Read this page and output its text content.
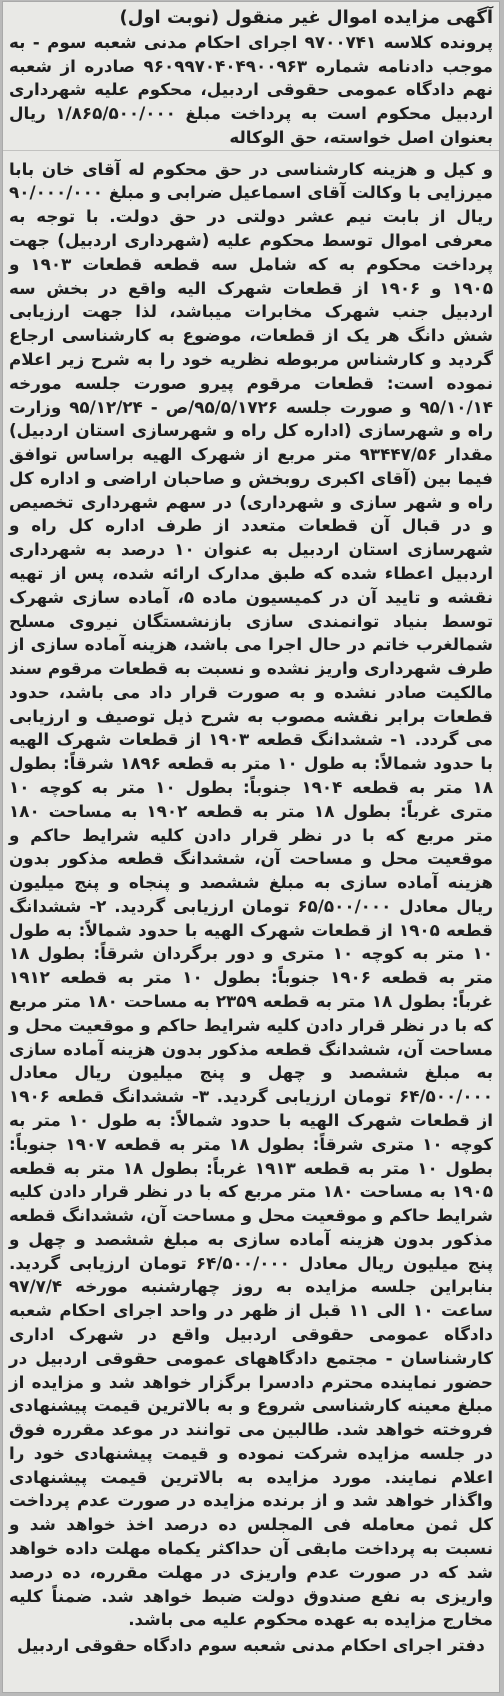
آگهی مزایده اموال غیر منقول (نوبت اول)
پرونده کلاسه ۹۷۰۰۷۴۱ اجرای احکام مدنی شعبه سوم - به موجب دادنامه شماره ۹۶۰۹۹۷۰۴۰۴۹۰۰۹۶۳ صادره از شعبه نهم دادگاه عمومی حقوقی اردبیل، محکوم علیه شهرداری اردبیل محکوم است به پرداخت مبلغ ۱/۸۶۵/۵۰۰/۰۰۰ ریال بعنوان اصل خواسته، حق الوکاله
و کیل و هزینه کارشناسی در حق محکوم له آقای خان بابا میرزایی با وکالت آقای اسماعیل ضرابی و مبلغ ۹۰/۰۰۰/۰۰۰ ریال از بابت نیم عشر دولتی در حق دولت. با توجه به معرفی اموال توسط محکوم علیه (شهرداری اردبیل) جهت پرداخت محکوم به که شامل سه قطعه قطعات ۱۹۰۳ و ۱۹۰۵ و ۱۹۰۶ از قطعات شهرک الیه واقع در بخش سه اردبیل جنب شهرک مخابرات میباشد، لذا جهت ارزیابی شش دانگ هر یک از قطعات، موضوع به کارشناسی ارجاع گردید و کارشناس مربوطه نظریه خود را به شرح زیر اعلام نموده است: قطعات مرقوم پیرو صورت جلسه مورخه ۹۵/۱۰/۱۴ و صورت جلسه ۹۵/۵/۱۷۲۶/ص - ۹۵/۱۲/۲۴ وزارت راه و شهرسازی (اداره کل راه و شهرسازی استان اردبیل) مقدار ۹۳۴۴۷/۵۶ متر مربع از شهرک الهیه براساس توافق فیما بین (آقای اکبری روبخش و صاحبان اراضی و اداره کل راه و شهر سازی و شهرداری) در سهم شهرداری تخصیص و در قبال آن قطعات متعدد از طرف اداره کل راه و شهرسازی استان اردبیل به عنوان ۱۰ درصد به شهرداری اردبیل اعطاء شده که طبق مدارک ارائه شده، پس از تهیه نقشه و تایید آن در کمیسیون ماده ۵، آماده سازی شهرک توسط بنیاد توانمندی سازی بازنشستگان نیروی مسلح شمالغرب خاتم در حال اجرا می باشد، هزینه آماده سازی از طرف شهرداری واریز نشده و نسبت به قطعات مرقوم سند مالکیت صادر نشده و به صورت قرار داد می باشد، حدود قطعات برابر نقشه مصوب به شرح ذیل توصیف و ارزیابی می گردد. ۱- ششدانگ قطعه ۱۹۰۳ از قطعات شهرک الهیه با حدود شمالاً: به طول ۱۰ متر به قطعه ۱۸۹۶ شرقاً: بطول ۱۸ متر به قطعه ۱۹۰۴ جنوباً: بطول ۱۰ متر به کوچه ۱۰ متری غرباً: بطول ۱۸ متر به قطعه ۱۹۰۲ به مساحت ۱۸۰ متر مربع که با در نظر قرار دادن کلیه شرایط حاکم و موقعیت محل و مساحت آن، ششدانگ قطعه مذکور بدون هزینه آماده سازی به مبلغ ششصد و پنجاه و پنج میلیون ریال معادل ۶۵/۵۰۰/۰۰۰ تومان ارزیابی گردید. ۲- ششدانگ قطعه ۱۹۰۵ از قطعات شهرک الهیه با حدود شمالاً: به طول ۱۰ متر به کوچه ۱۰ متری و دور برگردان شرقاً: بطول ۱۸ متر به قطعه ۱۹۰۶ جنوباً: بطول ۱۰ متر به قطعه ۱۹۱۲ غرباً: بطول ۱۸ متر به قطعه ۲۳۵۹ به مساحت ۱۸۰ متر مربع که با در نظر قرار دادن کلیه شرایط حاکم و موقعیت محل و مساحت آن، ششدانگ قطعه مذکور بدون هزینه آماده سازی به مبلغ ششصد و چهل و پنج میلیون ریال معادل ۶۴/۵۰۰/۰۰۰ تومان ارزیابی گردید. ۳- ششدانگ قطعه ۱۹۰۶ از قطعات شهرک الهیه با حدود شمالاً: به طول ۱۰ متر به کوچه ۱۰ متری شرقاً: بطول ۱۸ متر به قطعه ۱۹۰۷ جنوباً: بطول ۱۰ متر به قطعه ۱۹۱۳ غرباً: بطول ۱۸ متر به قطعه ۱۹۰۵ به مساحت ۱۸۰ متر مربع که با در نظر قرار دادن کلیه شرایط حاکم و موقعیت محل و مساحت آن، ششدانگ قطعه مذکور بدون هزینه آماده سازی به مبلغ ششصد و چهل و پنج میلیون ریال معادل ۶۴/۵۰۰/۰۰۰ تومان ارزیابی گردید. بنابراین جلسه مزایده به روز چهارشنبه مورخه ۹۷/۷/۴ ساعت ۱۰ الی ۱۱ قبل از ظهر در واحد اجرای احکام شعبه دادگاه عمومی حقوقی اردبیل واقع در شهرک اداری کارشناسان - مجتمع دادگاههای عمومی حقوقی اردبیل در حضور نماینده محترم دادسرا برگزار خواهد شد و مزایده از مبلغ معینه کارشناسی شروع و به بالاترین قیمت پیشنهادی فروخته خواهد شد. طالبین می توانند در موعد مقرره فوق در جلسه مزایده شرکت نموده و قیمت پیشنهادی خود را اعلام نمایند. مورد مزایده به بالاترین قیمت پیشنهادی واگذار خواهد شد و از برنده مزایده در صورت عدم پرداخت کل ثمن معامله فی المجلس ده درصد اخذ خواهد شد و نسبت به پرداخت مابقی آن حداکثر یکماه مهلت داده خواهد شد که در صورت عدم واریزی در مهلت مقرره، ده درصد واریزی به نفع صندوق دولت ضبط خواهد شد. ضمناً کلیه مخارج مزایده به عهده محکوم علیه می باشد.
دفتر اجرای احکام مدنی شعبه سوم دادگاه حقوقی اردبیل
